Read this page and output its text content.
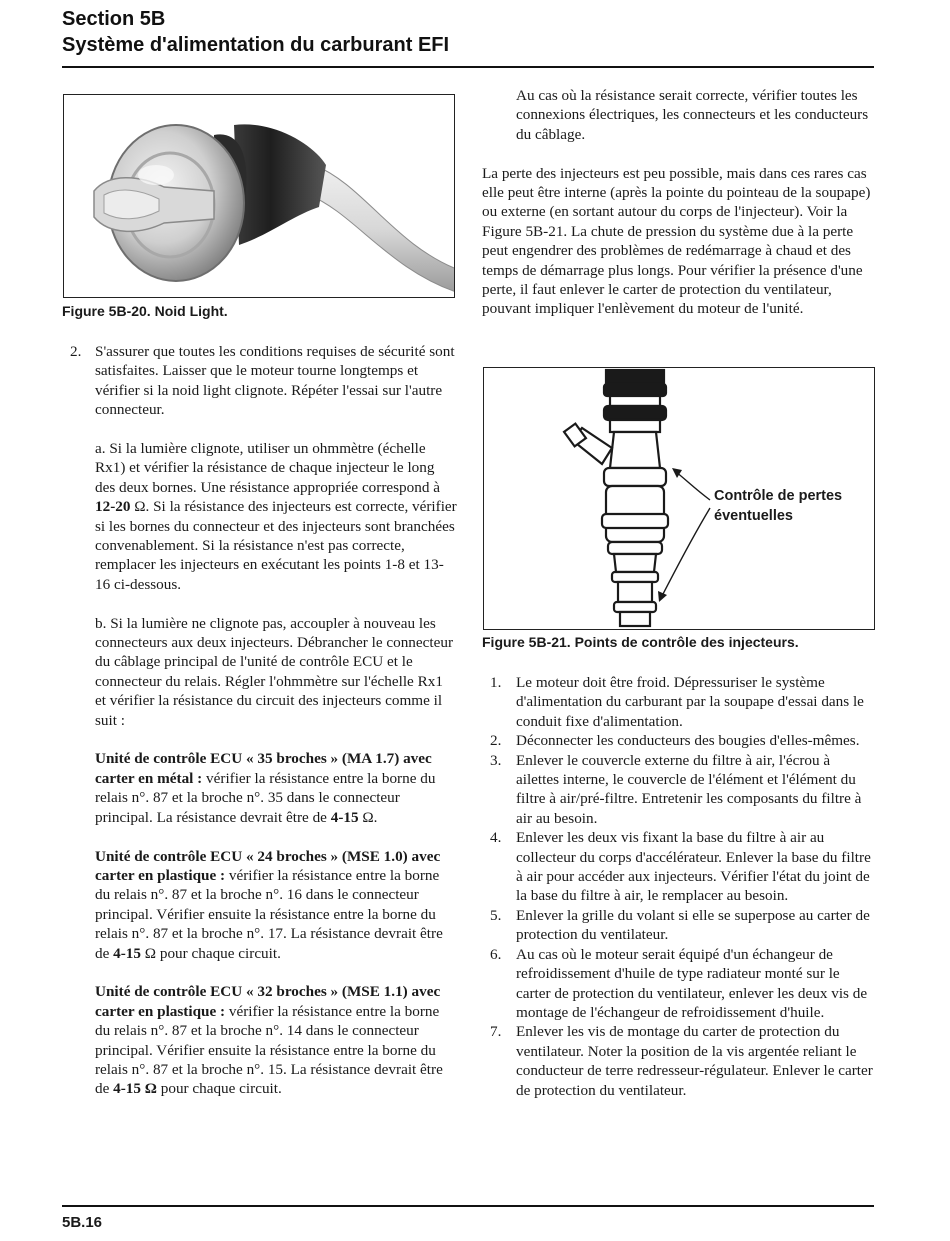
Section 5B
Système d'alimentation du carburant EFI
Figure 5B-20. Noid Light.
2. S'assurer que toutes les conditions requises de sécurité sont satisfaites. Laisser que le moteur tourne longtemps et vérifier si la noid light clignote. Répéter l'essai sur l'autre connecteur.
a. Si la lumière clignote, utiliser un ohmmètre (échelle Rx1) et vérifier la résistance de chaque injecteur le long des deux bornes. Une résistance appropriée correspond à 12-20 Ω. Si la résistance des injecteurs est correcte, vérifier si les bornes du connecteur et des injecteurs sont branchées convenablement. Si la résistance n'est pas correcte, remplacer les injecteurs en exécutant les points 1-8 et 13-16 ci-dessous.
b. Si la lumière ne clignote pas, accoupler à nouveau les connecteurs aux deux injecteurs. Débrancher le connecteur du câblage principal de l'unité de contrôle ECU et le connecteur du relais. Régler l'ohmmètre sur l'échelle Rx1 et vérifier la résistance du circuit des injecteurs comme il suit :
Unité de contrôle ECU « 35 broches » (MA 1.7) avec carter en métal : vérifier la résistance entre la borne du relais n°. 87 et la broche n°. 35 dans le connecteur principal. La résistance devrait être de 4-15 Ω.
Unité de contrôle ECU « 24 broches » (MSE 1.0) avec carter en plastique : vérifier la résistance entre la borne du relais n°. 87 et la broche n°. 16 dans le connecteur principal. Vérifier ensuite la résistance entre la borne du relais n°. 87 et la broche n°. 17. La résistance devrait être de 4-15 Ω pour chaque circuit.
Unité de contrôle ECU « 32 broches » (MSE 1.1) avec carter en plastique : vérifier la résistance entre la borne du relais n°. 87 et la broche n°. 14 dans le connecteur principal. Vérifier ensuite la résistance entre la borne du relais n°. 87 et la broche n°. 15. La résistance devrait être de 4-15 Ω pour chaque circuit.
Au cas où la résistance serait correcte, vérifier toutes les connexions électriques, les connecteurs et les conducteurs du câblage.
La perte des injecteurs est peu possible, mais dans ces rares cas elle peut être interne (après la pointe du pointeau de la soupape) ou externe (en sortant autour du corps de l'injecteur). Voir la Figure 5B-21. La chute de pression du système due à la perte peut engendrer des problèmes de redémarrage à chaud et des temps de démarrage plus longs. Pour vérifier la présence d'une perte, il faut enlever le carter de protection du ventilateur, pouvant impliquer l'enlèvement du moteur de l'unité.
Contrôle de pertes éventuelles
Figure 5B-21. Points de contrôle des injecteurs.
1. Le moteur doit être froid. Dépressuriser le système d'alimentation du carburant par la soupape d'essai dans le conduit fixe d'alimentation.
2. Déconnecter les conducteurs des bougies d'elles-mêmes.
3. Enlever le couvercle externe du filtre à air, l'écrou à ailettes interne, le couvercle de l'élément et l'élément du filtre à air/pré-filtre. Entretenir les composants du filtre à air au besoin.
4. Enlever les deux vis fixant la base du filtre à air au collecteur du corps d'accélérateur. Enlever la base du filtre à air pour accéder aux injecteurs. Vérifier l'état du joint de la base du filtre à air, le remplacer au besoin.
5. Enlever la grille du volant si elle se superpose au carter de protection du ventilateur.
6. Au cas où le moteur serait équipé d'un échangeur de refroidissement d'huile de type radiateur monté sur le carter de protection du ventilateur, enlever les deux vis de montage de l'échangeur de refroidissement d'huile.
7. Enlever les vis de montage du carter de protection du ventilateur. Noter la position de la vis argentée reliant le conducteur de terre redresseur-régulateur. Enlever le carter de protection du ventilateur.
5B.16
